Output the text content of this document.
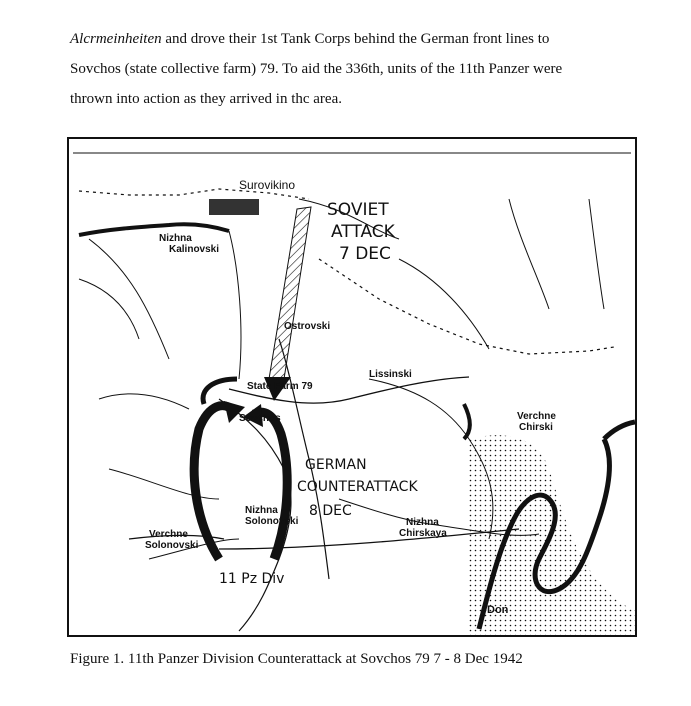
Alcrmeinheiten and drove their 1st Tank Corps behind the German front lines to
Sovchos (state collective farm) 79. To aid the 336th, units of the 11th Panzer were
thrown into action as they arrived in thc area.
Surovikino
Nizhna
Kalinovski
Ostrovski
Lissinski
State Farm 79
Sovchos	Verchne
Chirski
Nizhna
Solonovski
Verchne
Solonovski
Nizhna
Chirskaya
Don
SOVIET
ATTACK
7 DEC
GERMAN
COUNTERATTACK
8 DEC
11 Pz Div
Figure 1. 11th Panzer Division Counterattack at Sovchos 79 7 - 8 Dec 1942
